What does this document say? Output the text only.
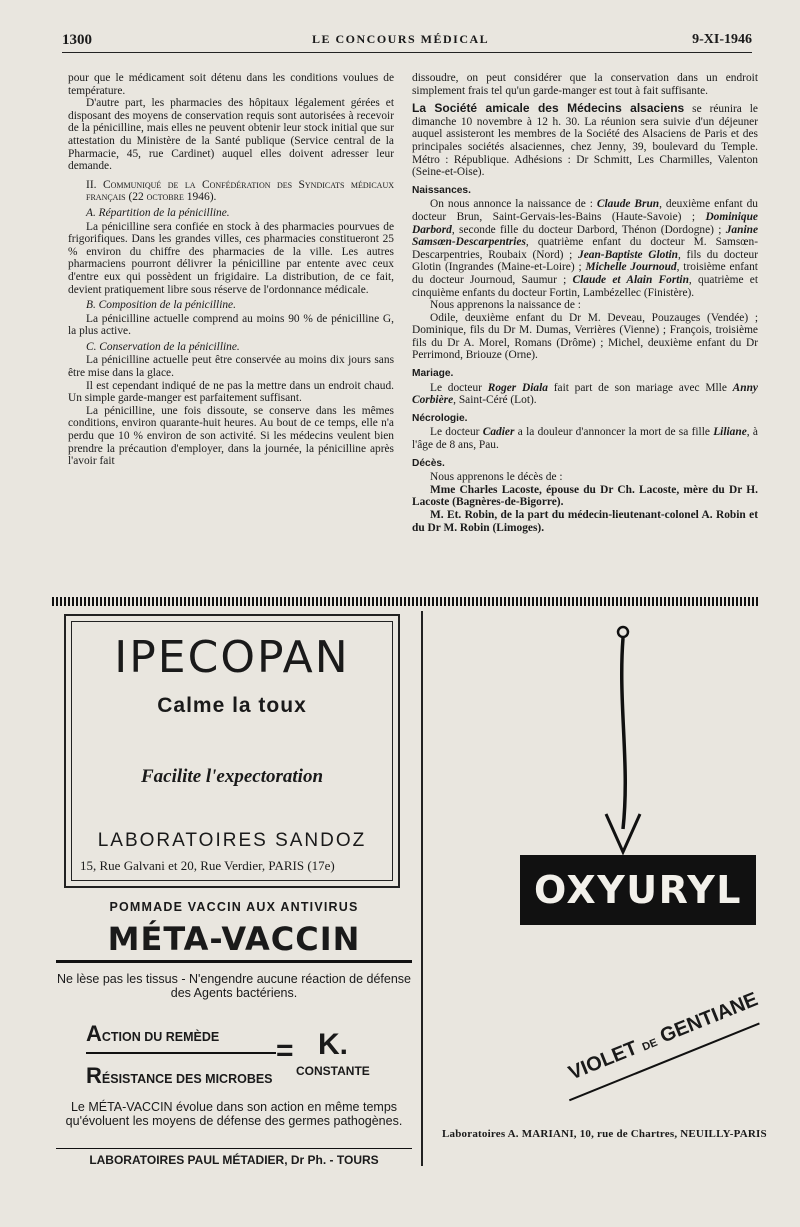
1300	LE CONCOURS MÉDICAL	9-XI-1946

pour que le médicament soit détenu dans les conditions voulues de température.

D'autre part, les pharmacies des hôpitaux légalement gérées et disposant des moyens de conservation requis sont autorisées à recevoir de la pénicilline, mais elles ne peuvent obtenir leur stock initial que sur attestation du Ministère de la Santé publique (Service central de la Pharmacie, 45, rue Cardinet) auquel elles doivent adresser leur demande.

II. Communiqué de la Confédération des Syndicats médicaux français (22 octobre 1946).
A. Répartition de la pénicilline.

La pénicilline sera confiée en stock à des pharmacies pourvues de frigorifiques. Dans les grandes villes, ces pharmacies constitueront 25 % environ du chiffre des pharmacies de la ville. Les autres pharmaciens pourront délivrer la pénicilline par entente avec ceux d'entre eux qui possèdent un frigidaire. La distribution, de ce fait, devient pratiquement libre sous réserve de l'ordonnance médicale.

B. Composition de la pénicilline.

La pénicilline actuelle comprend au moins 90 % de pénicilline G, la plus active.

C. Conservation de la pénicilline.

La pénicilline actuelle peut être conservée au moins dix jours sans être mise dans la glace.

Il est cependant indiqué de ne pas la mettre dans un endroit chaud. Un simple garde-manger est parfaitement suffisant.

La pénicilline, une fois dissoute, se conserve dans les mêmes conditions, environ quarante-huit heures. Au bout de ce temps, elle n'a perdu que 10 % environ de son activité. Si les médecins veulent bien prendre la précaution d'employer, dans la journée, la pénicilline après l'avoir fait

dissoudre, on peut considérer que la conservation dans un endroit simplement frais tel qu'un garde-manger est tout à fait suffisante.

La Société amicale des Médecins alsaciens se réunira le dimanche 10 novembre à 12 h. 30. La réunion sera suivie d'un déjeuner auquel assisteront les membres de la Société des Alsaciens de Paris et des principales sociétés alsaciennes, chez Jenny, 39, boulevard du Temple. Métro : République. Adhésions : Dr Schmitt, Les Charmilles, Valenton (Seine-et-Oise).

Naissances.

On nous annonce la naissance de : Claude Brun, deuxième enfant du docteur Brun, Saint-Gervais-les-Bains (Haute-Savoie) ; Dominique Darbord, seconde fille du docteur Darbord, Thénon (Dordogne) ; Janine Samsœn-Descarpentries, quatrième enfant du docteur M. Samsœn-Descarpentries, Roubaix (Nord) ; Jean-Baptiste Glotin, fils du docteur Glotin (Ingrandes (Maine-et-Loire) ; Michelle Journoud, troisième enfant du docteur Journoud, Saumur ; Claude et Alain Fortin, quatrième et cinquième enfants du docteur Fortin, Lambézellec (Finistère).

Nous apprenons la naissance de :

Odile, deuxième enfant du Dr M. Deveau, Pouzauges (Vendée) ; Dominique, fils du Dr M. Dumas, Verrières (Vienne) ; François, troisième fils du Dr A. Morel, Romans (Drôme) ; Michel, deuxième enfant du Dr Perrimond, Briouze (Orne).

Mariage.

Le docteur Roger Diala fait part de son mariage avec Mlle Anny Corbière, Saint-Céré (Lot).

Nécrologie.

Le docteur Cadier a la douleur d'annoncer la mort de sa fille Liliane, à l'âge de 8 ans, Pau.

Décès.

Nous apprenons le décès de :

Mme Charles Lacoste, épouse du Dr Ch. Lacoste, mère du Dr H. Lacoste (Bagnères-de-Bigorre).

M. Et. Robin, de la part du médecin-lieutenant-colonel A. Robin et du Dr M. Robin (Limoges).

IPECOPAN
Calme la toux
Facilite l'expectoration
LABORATOIRES SANDOZ
15, Rue Galvani et 20, Rue Verdier, PARIS (17e)
POMMADE VACCIN AUX ANTIVIRUS
MÉTA-VACCIN
Ne lèse pas les tissus - N'engendre aucune réaction de défense des Agents bactériens.
ACTION DU REMÈDE
RÉSISTANCE DES MICROBES
= K.
CONSTANTE
Le MÉTA-VACCIN évolue dans son action en même temps qu'évoluent les moyens de défense des germes pathogènes.
LABORATOIRES PAUL MÉTADIER, Dr Ph. - TOURS
OXYURYL
VIOLET DE GENTIANE
Laboratoires A. MARIANI, 10, rue de Chartres, NEUILLY-PARIS
